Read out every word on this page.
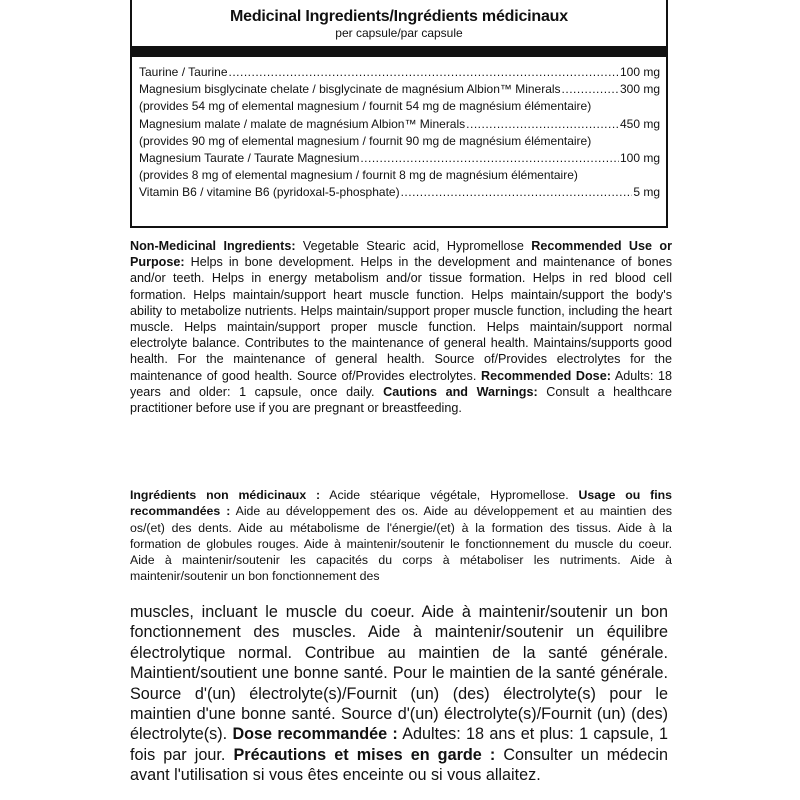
Medicinal Ingredients/Ingrédients médicinaux
per capsule/par capsule
Taurine / Taurine .....	100 mg
Magnesium bisglycinate chelate / bisglycinate de magnésium Albion™ Minerals .....	300 mg
(provides 54 mg of elemental magnesium / fournit 54 mg de magnésium élémentaire)
Magnesium malate / malate de magnésium Albion™ Minerals .....	450 mg
(provides 90 mg of elemental magnesium / fournit 90 mg de magnésium élémentaire)
Magnesium Taurate / Taurate Magnesium .....	100 mg
(provides 8 mg of elemental magnesium / fournit 8 mg de magnésium élémentaire)
Vitamin B6 / vitamine B6 (pyridoxal-5-phosphate) .....	5 mg
Non-Medicinal Ingredients: Vegetable Stearic acid, Hypromellose Recommended Use or Purpose: Helps in bone development. Helps in the development and maintenance of bones and/or teeth. Helps in energy metabolism and/or tissue formation. Helps in red blood cell formation. Helps maintain/support heart muscle function. Helps maintain/support the body's ability to metabolize nutrients. Helps maintain/support proper muscle function, including the heart muscle. Helps maintain/support proper muscle function. Helps maintain/support normal electrolyte balance. Contributes to the maintenance of general health. Maintains/supports good health. For the maintenance of general health. Source of/Provides electrolytes for the maintenance of good health. Source of/Provides electrolytes. Recommended Dose: Adults: 18 years and older: 1 capsule, once daily. Cautions and Warnings: Consult a healthcare practitioner before use if you are pregnant or breastfeeding.
Ingrédients non médicinaux : Acide stéarique végétale, Hypromellose. Usage ou fins recommandées : Aide au développement des os. Aide au développement et au maintien des os/(et) des dents. Aide au métabolisme de l'énergie/(et) à la formation des tissus. Aide à la formation de globules rouges. Aide à maintenir/soutenir le fonctionnement du muscle du coeur. Aide à maintenir/soutenir les capacités du corps à métaboliser les nutriments. Aide à maintenir/soutenir un bon fonctionnement des
muscles, incluant le muscle du coeur. Aide à maintenir/soutenir un bon fonctionnement des muscles. Aide à maintenir/soutenir un équilibre électrolytique normal. Contribue au maintien de la santé générale. Maintient/soutient une bonne santé. Pour le maintien de la santé générale. Source d'(un) électrolyte(s)/Fournit (un) (des) électrolyte(s) pour le maintien d'une bonne santé. Source d'(un) électrolyte(s)/Fournit (un) (des) électrolyte(s). Dose recommandée : Adultes: 18 ans et plus: 1 capsule, 1 fois par jour. Précautions et mises en garde : Consulter un médecin avant l'utilisation si vous êtes enceinte ou si vous allaitez.
